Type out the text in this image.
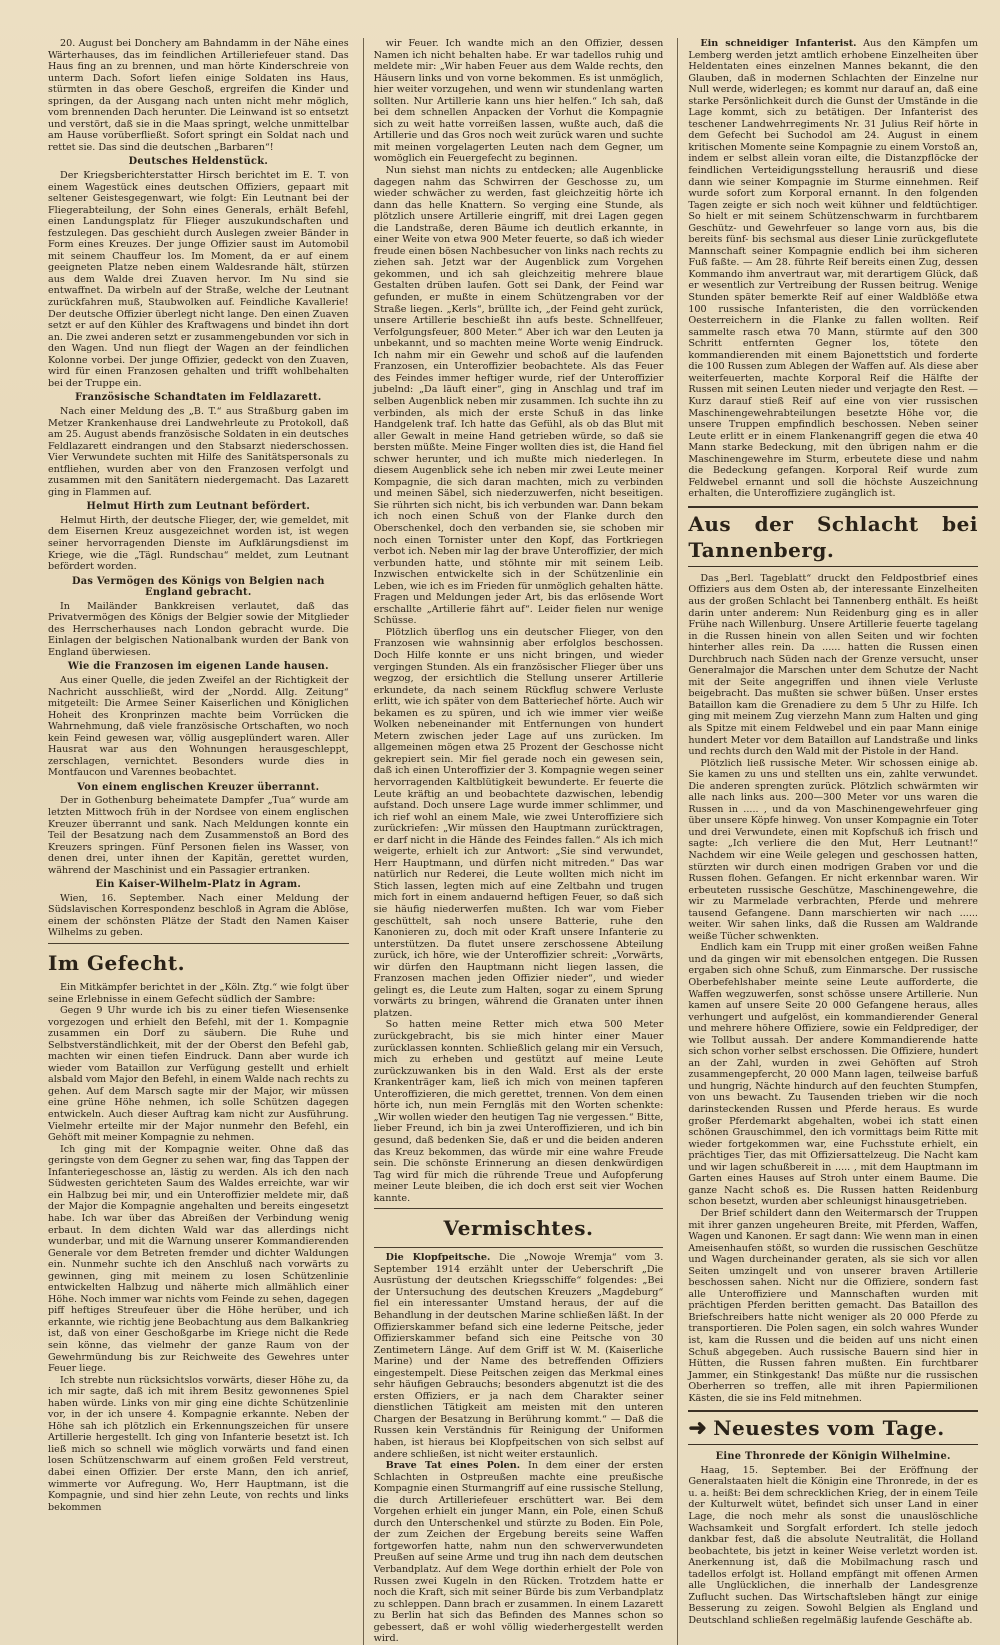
20. August bei Donchery am Bahndamm in der Nähe eines Wärterhauses, das im feindlichen Artilleriefeuer stand. Das Haus fing an zu brennen, und man hörte Kinderschreie von unterm Dach. Sofort liefen einige Soldaten ins Haus, stürmten in das obere Geschoß, ergreifen die Kinder und springen, da der Ausgang nach unten nicht mehr möglich, vom brennenden Dach herunter. Die Leinwand ist so entsetzt und verstört, daß sie in die Maas springt, welche unmittelbar am Hause vorüberfließt. Sofort springt ein Soldat nach und rettet sie. Das sind die deutschen „Barbaren“!

Deutsches Heldenstück.

Der Kriegsberichterstatter Hirsch berichtet im E. T. von einem Wagestück eines deutschen Offiziers, gepaart mit seltener Geistesgegenwart, wie folgt: Ein Leutnant bei der Fliegerabteilung, der Sohn eines Generals, erhält Befehl, einen Landungsplatz für Flieger auszukundschaften und festzulegen. Das geschieht durch Auslegen zweier Bänder in Form eines Kreuzes. Der junge Offizier saust im Automobil mit seinem Chauffeur los. Im Moment, da er auf einem geeigneten Platze neben einem Waldesrande hält, stürzen aus dem Walde drei Zuaven hervor. Im Nu sind sie entwaffnet. Da wirbeln auf der Straße, welche der Leutnant zurückfahren muß, Staubwolken auf. Feindliche Kavallerie! Der deutsche Offizier überlegt nicht lange. Den einen Zuaven setzt er auf den Kühler des Kraftwagens und bindet ihn dort an. Die zwei anderen setzt er zusammengebunden vor sich in den Wagen. Und nun fliegt der Wagen an der feindlichen Kolonne vorbei. Der junge Offizier, gedeckt von den Zuaven, wird für einen Franzosen gehalten und trifft wohlbehalten bei der Truppe ein.

Französische Schandtaten im Feldlazarett.

Nach einer Meldung des „B. T.“ aus Straßburg gaben im Metzer Krankenhause drei Landwehrleute zu Protokoll, daß am 25. August abends französische Soldaten in ein deutsches Feldlazarett eindrangen und den Stabsarzt niederschossen. Vier Verwundete suchten mit Hilfe des Sanitätspersonals zu entfliehen, wurden aber von den Franzosen verfolgt und zusammen mit den Sanitätern niedergemacht. Das Lazarett ging in Flammen auf.

Helmut Hirth zum Leutnant befördert.

Helmut Hirth, der deutsche Flieger, der, wie gemeldet, mit dem Eisernen Kreuz ausgezeichnet worden ist, ist wegen seiner hervorragenden Dienste im Aufklärungsdienst im Kriege, wie die „Tägl. Rundschau“ meldet, zum Leutnant befördert worden.

Das Vermögen des Königs von Belgien nach England gebracht.

In Mailänder Bankkreisen verlautet, daß das Privatvermögen des Königs der Belgier sowie der Mitglieder des Herrscherhauses nach London gebracht wurde. Die Einlagen der belgischen Nationalbank wurden der Bank von England überwiesen.

Wie die Franzosen im eigenen Lande hausen.

Aus einer Quelle, die jeden Zweifel an der Richtigkeit der Nachricht ausschließt, wird der „Nordd. Allg. Zeitung“ mitgeteilt: Die Armee Seiner Kaiserlichen und Königlichen Hoheit des Kronprinzen machte beim Vorrücken die Wahrnehmung, daß viele französische Ortschaften, wo noch kein Feind gewesen war, völlig ausgeplündert waren. Aller Hausrat war aus den Wohnungen herausgeschleppt, zerschlagen, vernichtet. Besonders wurde dies in Montfaucon und Varennes beobachtet.

Von einem englischen Kreuzer überrannt.

Der in Gothenburg beheimatete Dampfer „Tua“ wurde am letzten Mittwoch früh in der Nordsee von einem englischen Kreuzer überrannt und sank. Nach Meldungen konnte ein Teil der Besatzung nach dem Zusammenstoß an Bord des Kreuzers springen. Fünf Personen fielen ins Wasser, von denen drei, unter ihnen der Kapitän, gerettet wurden, während der Maschinist und ein Passagier ertranken.

Ein Kaiser-Wilhelm-Platz in Agram.

Wien, 16. September. Nach einer Meldung der Südslavischen Korrespondenz beschloß in Agram die Ablöse, einem der schönsten Plätze der Stadt den Namen Kaiser Wilhelms zu geben.

Im Gefecht.

Ein Mitkämpfer berichtet in der „Köln. Ztg.“ wie folgt über seine Erlebnisse in einem Gefecht südlich der Sambre:

Gegen 9 Uhr wurde ich bis zu einer tiefen Wiesensenke vorgezogen und erhielt den Befehl, mit der 1. Kompagnie zusammen ein Dorf zu säubern. Die Ruhe und Selbstverständlichkeit, mit der der Oberst den Befehl gab, machten wir einen tiefen Eindruck. Dann aber wurde ich wieder vom Bataillon zur Verfügung gestellt und erhielt alsbald vom Major den Befehl, in einem Walde nach rechts zu gehen. Auf dem Marsch sagte mir der Major, wir müssen eine grüne Höhe nehmen, ich solle Schützen dagegen entwickeln. Auch dieser Auftrag kam nicht zur Ausführung. Vielmehr erteilte mir der Major nunmehr den Befehl, ein Gehöft mit meiner Kompagnie zu nehmen.

Ich ging mit der Kompagnie weiter. Ohne daß das geringste von dem Gegner zu sehen war, fing das Tappen der Infanteriegeschosse an, lästig zu werden. Als ich den nach Südwesten gerichteten Saum des Waldes erreichte, war wir ein Halbzug bei mir, und ein Unteroffizier meldete mir, daß der Major die Kompagnie angehalten und bereits eingesetzt habe. Ich war über das Abreißen der Verbindung wenig erbaut. In dem dichten Wald war das allerdings nicht wunderbar, und mit die Warnung unserer Kommandierenden Generale vor dem Betreten fremder und dichter Waldungen ein. Nunmehr suchte ich den Anschluß nach vorwärts zu gewinnen, ging mit meinem zu losen Schützenlinie entwickelten Halbzug und näherte mich allmählich einer Höhe. Noch immer war nichts vom Feinde zu sehen, dagegen piff heftiges Streufeuer über die Höhe herüber, und ich erkannte, wie richtig jene Beobachtung aus dem Balkankrieg ist, daß von einer Geschoßgarbe im Kriege nicht die Rede sein könne, das vielmehr der ganze Raum von der Gewehrmündung bis zur Reichweite des Gewehres unter Feuer liege.

Ich strebte nun rücksichtslos vorwärts, dieser Höhe zu, da ich mir sagte, daß ich mit ihrem Besitz gewonnenes Spiel haben würde. Links von mir ging eine dichte Schützenlinie vor, in der ich unsere 4. Kompagnie erkannte. Neben der Höhe sah ich plötzlich ein Erkennungszeichen für unsere Artillerie hergestellt. Ich ging von Infanterie besetzt ist. Ich ließ mich so schnell wie möglich vorwärts und fand einen losen Schützenschwarm auf einem großen Feld verstreut, dabei einen Offizier. Der erste Mann, den ich anrief, wimmerte vor Aufregung. Wo, Herr Hauptmann, ist die Kompagnie, und sind hier zehn Leute, von rechts und links bekommen

wir Feuer. Ich wandte mich an den Offizier, dessen Namen ich nicht behalten habe. Er war tadellos ruhig und meldete mir: „Wir haben Feuer aus dem Walde rechts, den Häusern links und von vorne bekommen. Es ist unmöglich, hier weiter vorzugehen, und wenn wir stundenlang warten sollten. Nur Artillerie kann uns hier helfen.“ Ich sah, daß bei dem schnellen Anpacken der Vorhut die Kompagnie sich zu weit hatte vorreißen lassen, wußte auch, daß die Artillerie und das Gros noch weit zurück waren und suchte mit meinen vorgelagerten Leuten nach dem Gegner, um womöglich ein Feuergefecht zu beginnen.

Nun siehst man nichts zu entdecken; alle Augenblicke dagegen nahm das Schwirren der Geschosse zu, um wieder schwächer zu werden, fast gleichzeitig hörte ich dann das helle Knattern. So verging eine Stunde, als plötzlich unsere Artillerie eingriff, mit drei Lagen gegen die Landstraße, deren Bäume ich deutlich erkannte, in einer Weite von etwa 900 Meter feuerte, so daß ich wieder freude einen bösen Nachbesucher von links nach rechts zu ziehen sah. Jetzt war der Augenblick zum Vorgehen gekommen, und ich sah gleichzeitig mehrere blaue Gestalten drüben laufen. Gott sei Dank, der Feind war gefunden, er mußte in einem Schützengraben vor der Straße liegen. „Kerls“, brüllte ich, „der Feind geht zurück, unsere Artillerie beschießt ihn aufs beste. Schnellfeuer, Verfolgungsfeuer, 800 Meter.“ Aber ich war den Leuten ja unbekannt, und so machten meine Worte wenig Eindruck. Ich nahm mir ein Gewehr und schoß auf die laufenden Franzosen, ein Unteroffizier beobachtete. Als das Feuer des Feindes immer heftiger wurde, rief der Unteroffizier jubelnd: „Da läuft einer“, ging in Anschlag und traf im selben Augenblick neben mir zusammen. Ich suchte ihn zu verbinden, als mich der erste Schuß in das linke Handgelenk traf. Ich hatte das Gefühl, als ob das Blut mit aller Gewalt in meine Hand getrieben würde, so daß sie bersten müßte. Meine Finger wollten dies ist, die Hand fiel schwer herunter, und ich mußte mich niederlegen. In diesem Augenblick sehe ich neben mir zwei Leute meiner Kompagnie, die sich daran machten, mich zu verbinden und meinen Säbel, sich niederzuwerfen, nicht beseitigen. Sie rührten sich nicht, bis ich verbunden war. Dann bekam ich noch einen Schuß von der Flanke durch den Oberschenkel, doch den verbanden sie, sie schoben mir noch einen Tornister unter den Kopf, das Fortkriegen verbot ich. Neben mir lag der brave Unteroffizier, der mich verbunden hatte, und stöhnte mir mit seinem Leib. Inzwischen entwickelte sich in der Schützenlinie ein Leben, wie ich es im Frieden für unmöglich gehalten hätte. Fragen und Meldungen jeder Art, bis das erlösende Wort erschallte „Artillerie fährt auf“. Leider fielen nur wenige Schüsse.

Plötzlich überflog uns ein deutscher Flieger, von den Franzosen wie wahnsinnig aber erfolglos beschossen. Doch Hilfe konnte er uns nicht bringen, und wieder vergingen Stunden. Als ein französischer Flieger über uns wegzog, der ersichtlich die Stellung unserer Artillerie erkundete, da nach seinem Rückflug schwere Verluste erlitt, wie ich später von dem Batteriechef hörte. Auch wir bekamen es zu spüren, und ich wie immer vier weiße Wolken nebeneinander mit Entfernungen von hundert Metern zwischen jeder Lage auf uns zurücken. Im allgemeinen mögen etwa 25 Prozent der Geschosse nicht gekrepiert sein. Mir fiel gerade noch ein gewesen sein, daß ich einen Unteroffizier der 3. Kompagnie wegen seiner hervorragenden Kaltblütigkeit bewunderte. Er feuerte die Leute kräftig an und beobachtete dazwischen, lebendig aufstand. Doch unsere Lage wurde immer schlimmer, und ich rief wohl an einem Male, wie zwei Unteroffiziere sich zurückriefen: „Wir müssen den Hauptmann zurücktragen, er darf nicht in die Hände des Feindes fallen.“ Als ich mich weigerte, erhielt ich zur Antwort: „Sie sind verwundet, Herr Hauptmann, und dürfen nicht mitreden.“ Das war natürlich nur Rederei, die Leute wollten mich nicht im Stich lassen, legten mich auf eine Zeltbahn und trugen mich fort in einem andauernd heftigen Feuer, so daß sich sie häufig niederwerfen mußten. Ich war vom Fieber geschüttelt, sah noch unsere Batterie, ruhe den Kanonieren zu, doch mit oder Kraft unsere Infanterie zu unterstützen. Da flutet unsere zerschossene Abteilung zurück, ich höre, wie der Unteroffizier schreit: „Vorwärts, wir dürfen den Hauptmann nicht liegen lassen, die Franzosen machen jeden Offizier nieder“, und wieder gelingt es, die Leute zum Halten, sogar zu einem Sprung vorwärts zu bringen, während die Granaten unter ihnen platzen.

So hatten meine Retter mich etwa 500 Meter zurückgebracht, bis sie mich hinter einer Mauer zurücklassen konnten. Schließlich gelang mir ein Versuch, mich zu erheben und gestützt auf meine Leute zurückzuwanken bis in den Wald. Erst als der erste Krankenträger kam, ließ ich mich von meinen tapferen Unteroffizieren, die mich gerettet, trennen. Von dem einen hörte ich, nun mein Ferngläs mit den Worten schenkte: „Wir wollen wieder den heutigen Tag nie vergessen.“ Bitte, lieber Freund, ich bin ja zwei Unteroffizieren, und ich bin gesund, daß bedenken Sie, daß er und die beiden anderen das Kreuz bekommen, das würde mir eine wahre Freude sein. Die schönste Erinnerung an diesen denkwürdigen Tag wird für mich die rührende Treue und Aufopferung meiner Leute bleiben, die ich doch erst seit vier Wochen kannte.

Vermischtes.

Die Klopfpeitsche. Die „Nowoje Wremja“ vom 3. September 1914 erzählt unter der Ueberschrift „Die Ausrüstung der deutschen Kriegsschiffe“ folgendes: „Bei der Untersuchung des deutschen Kreuzers „Magdeburg“ fiel ein interessanter Umstand heraus, der auf die Behandlung in der deutschen Marine schließen läßt. In der Offizierskammer befand sich eine lederne Peitsche, jeder Offizierskammer befand sich eine Peitsche von 30 Zentimetern Länge. Auf dem Griff ist W. M. (Kaiserliche Marine) und der Name des betreffenden Offiziers eingestempelt. Diese Peitschen zeigen das Merkmal eines sehr häufigen Gebrauchs; besonders abgenutzt ist die des ersten Offiziers, er ja nach dem Charakter seiner dienstlichen Tätigkeit am meisten mit den unteren Chargen der Besatzung in Berührung kommt.“ — Daß die Russen kein Verständnis für Reinigung der Uniformen haben, ist hieraus bei Klopfpeitschen von sich selbst auf andere schließen, ist nicht weiter erstaunlich.

Brave Tat eines Polen. In dem einer der ersten Schlachten in Ostpreußen machte eine preußische Kompagnie einen Sturmangriff auf eine russische Stellung, die durch Artilleriefeuer erschüttert war. Bei dem Vorgehen erhielt ein junger Mann, ein Pole, einen Schuß durch den Unterschenkel und stürzte zu Boden. Ein Pole, der zum Zeichen der Ergebung bereits seine Waffen fortgeworfen hatte, nahm nun den schwerverwundeten Preußen auf seine Arme und trug ihn nach dem deutschen Verbandplatz. Auf dem Wege dorthin erhielt der Pole von Russen zwei Kugeln in den Rücken. Trotzdem hatte er noch die Kraft, sich mit seiner Bürde bis zum Verbandplatz zu schleppen. Dann brach er zusammen. In einem Lazarett zu Berlin hat sich das Befinden des Mannes schon so gebessert, daß er wohl völlig wiederhergestellt werden wird.

Ein schneidiger Infanterist. Aus den Kämpfen um Lemberg werden jetzt amtlich erhobene Einzelheiten über Heldentaten eines einzelnen Mannes bekannt, die den Glauben, daß in modernen Schlachten der Einzelne nur Null werde, widerlegen; es kommt nur darauf an, daß eine starke Persönlichkeit durch die Gunst der Umstände in die Lage kommt, sich zu betätigen. Der Infanterist des teschener Landwehrregiments Nr. 31 Julius Reif hörte in dem Gefecht bei Suchodol am 24. August in einem kritischen Momente seine Kompagnie zu einem Vorstoß an, indem er selbst allein voran eilte, die Distanzpflöcke der feindlichen Verteidigungsstellung herausriß und diese dann wie seiner Kompagnie im Sturme einnehmen. Reif wurde sofort zum Korporal ernannt. In den folgenden Tagen zeigte er sich noch weit kühner und feldtüchtiger. So hielt er mit seinem Schützenschwarm in furchtbarem Geschütz- und Gewehrfeuer so lange vorn aus, bis die bereits fünf- bis sechsmal aus dieser Linie zurückgeflutete Mannschaft seiner Kompagnie endlich bei ihm sicheren Fuß faßte. — Am 28. führte Reif bereits einen Zug, dessen Kommando ihm anvertraut war, mit derartigem Glück, daß er wesentlich zur Vertreibung der Russen beitrug. Wenige Stunden später bemerkte Reif auf einer Waldblöße etwa 100 russische Infanteristen, die den vorrückenden Oesterreichern in die Flanke zu fallen wollten. Reif sammelte rasch etwa 70 Mann, stürmte auf den 300 Schritt entfernten Gegner los, tötete den kommandierenden mit einem Bajonettstich und forderte die 100 Russen zum Ablegen der Waffen auf. Als diese aber weiterfeuerten, machte Korporal Reif die Hälfte der Russen mit seinen Leuten nieder und verjagte den Rest. — Kurz darauf stieß Reif auf eine von vier russischen Maschinengewehrabteilungen besetzte Höhe vor, die unsere Truppen empfindlich beschossen. Neben seiner Leute erlitt er in einem Flankenangriff gegen die etwa 40 Mann starke Bedeckung, mit den übrigen nahm er die Maschinengewehre im Sturm, erbeutete diese und nahm die Bedeckung gefangen. Korporal Reif wurde zum Feldwebel ernannt und soll die höchste Auszeichnung erhalten, die Unteroffiziere zugänglich ist.

Aus der Schlacht bei Tannenberg.

Das „Berl. Tageblatt“ druckt den Feldpostbrief eines Offiziers aus dem Osten ab, der interessante Einzelheiten aus der großen Schlacht bei Tannenberg enthält. Es heißt darin unter anderem: Nun Reidenburg ging es in aller Frühe nach Willenburg. Unsere Artillerie feuerte tagelang in die Russen hinein von allen Seiten und wir fochten hinterher alles rein. Da ...... hatten die Russen einen Durchbruch nach Süden nach der Grenze versucht, unser Generalmajor die Marschen unter dem Schutze der Nacht mit der Seite angegriffen und ihnen viele Verluste beigebracht. Das mußten sie schwer büßen. Unser erstes Bataillon kam die Grenadiere zu dem 5 Uhr zu Hilfe. Ich ging mit meinem Zug vierzehn Mann zum Halten und ging als Spitze mit einem Feldwebel und ein paar Mann einige hundert Meter vor dem Bataillon auf Landstraße und links und rechts durch den Wald mit der Pistole in der Hand.

Plötzlich ließ russische Meter. Wir schossen einige ab. Sie kamen zu uns und stellten uns ein, zahlte verwundet. Die anderen sprengten zurück. Plötzlich schwärmten wir alle nach links aus. 200—300 Meter vor uns waren die Russen in ..... , und da von Maschinengewehrfeuer ging über unsere Köpfe hinweg. Von unser Kompagnie ein Toter und drei Verwundete, einen mit Kopfschuß ich frisch und sagte: „Ich verliere die den Mut, Herr Leutnant!“ Nachdem wir eine Weile gelegen und geschossen hatten, stürzten wir durch einen modrigen Graben vor und die Russen flohen. Gefangen. Er nicht erkennbar waren. Wir erbeuteten russische Geschütze, Maschinengewehre, die wir zu Marmelade verbrachten, Pferde und mehrere tausend Gefangene. Dann marschierten wir nach ...... weiter. Wir sahen links, daß die Russen am Waldrande weiße Tücher schwenkten.

Endlich kam ein Trupp mit einer großen weißen Fahne und da gingen wir mit ebensolchen entgegen. Die Russen ergaben sich ohne Schuß, zum Einmarsche. Der russische Oberbefehlshaber meinte seine Leute aufforderte, die Waffen wegzuwerfen, sonst schösse unsere Artillerie. Nun kamen auf unsere Seite 20 000 Gefangene heraus, alles verhungert und aufgelöst, ein kommandierender General und mehrere höhere Offiziere, sowie ein Feldprediger, der wie Tollbut aussah. Der andere Kommandierende hatte sich schon vorher selbst erschossen. Die Offiziere, hundert an der Zahl, wurden in zwei Gehöften auf Stroh zusammengepfercht, 20 000 Mann lagen, teilweise barfuß und hungrig, Nächte hindurch auf den feuchten Stumpfen, von uns bewacht. Zu Tausenden trieben wir die noch darinsteckenden Russen und Pferde heraus. Es wurde großer Pferdemarkt abgehalten, wobei ich statt einen schönen Grauschimmel, den ich vormittags beim Ritte mit wieder fortgekommen war, eine Fuchsstute erhielt, ein prächtiges Tier, das mit Offiziersattelzeug. Die Nacht kam und wir lagen schußbereit in ..... , mit dem Hauptmann im Garten eines Hauses auf Stroh unter einem Baume. Die ganze Nacht schoß es. Die Russen hatten Reidenburg schon besetzt, wurden aber schleunigst hinausgetrieben.

Der Brief schildert dann den Weitermarsch der Truppen mit ihrer ganzen ungeheuren Breite, mit Pferden, Waffen, Wagen und Kanonen. Er sagt dann: Wie wenn man in einen Ameisenhaufen stößt, so wurden die russischen Geschütze und Wagen durcheinander geraten, als sie sich vor allen Seiten umzingelt und von unserer braven Artillerie beschossen sahen. Nicht nur die Offiziere, sondern fast alle Unteroffiziere und Mannschaften wurden mit prächtigen Pferden beritten gemacht. Das Bataillon des Briefschreibers hatte nicht weniger als 20 000 Pferde zu transportieren. Die Polen sagen, ein solch wahres Wunder ist, kam die Russen und die beiden auf uns nicht einen Schuß abgegeben. Auch russische Bauern sind hier in Hütten, die Russen fahren mußten. Ein furchtbarer Jammer, ein Stinkgestank! Das müßte nur die russischen Oberherren so treffen, alle mit ihren Papiermilionen Kästen, die sie ins Feld mitnehmen.

➜ Neuestes vom Tage.
Eine Thronrede der Königin Wilhelmine.

Haag, 15. September. Bei der Eröffnung der Generalstaaten hielt die Königin eine Thronrede, in der es u. a. heißt: Bei dem schrecklichen Krieg, der in einem Teile der Kulturwelt wütet, befindet sich unser Land in einer Lage, die noch mehr als sonst die unauslöschliche Wachsamkeit und Sorgfalt erfordert. Ich stelle jedoch dankbar fest, daß die absolute Neutralität, die Holland beobachtete, bis jetzt in keiner Weise verletzt worden ist. Anerkennung ist, daß die Mobilmachung rasch und tadellos erfolgt ist. Holland empfängt mit offenen Armen alle Unglücklichen, die innerhalb der Landesgrenze Zuflucht suchen. Das Wirtschaftsleben hängt zur einige Besserung zu zeigen. Sowohl Belgien als England und Deutschland schließen regelmäßig laufende Geschäfte ab.
